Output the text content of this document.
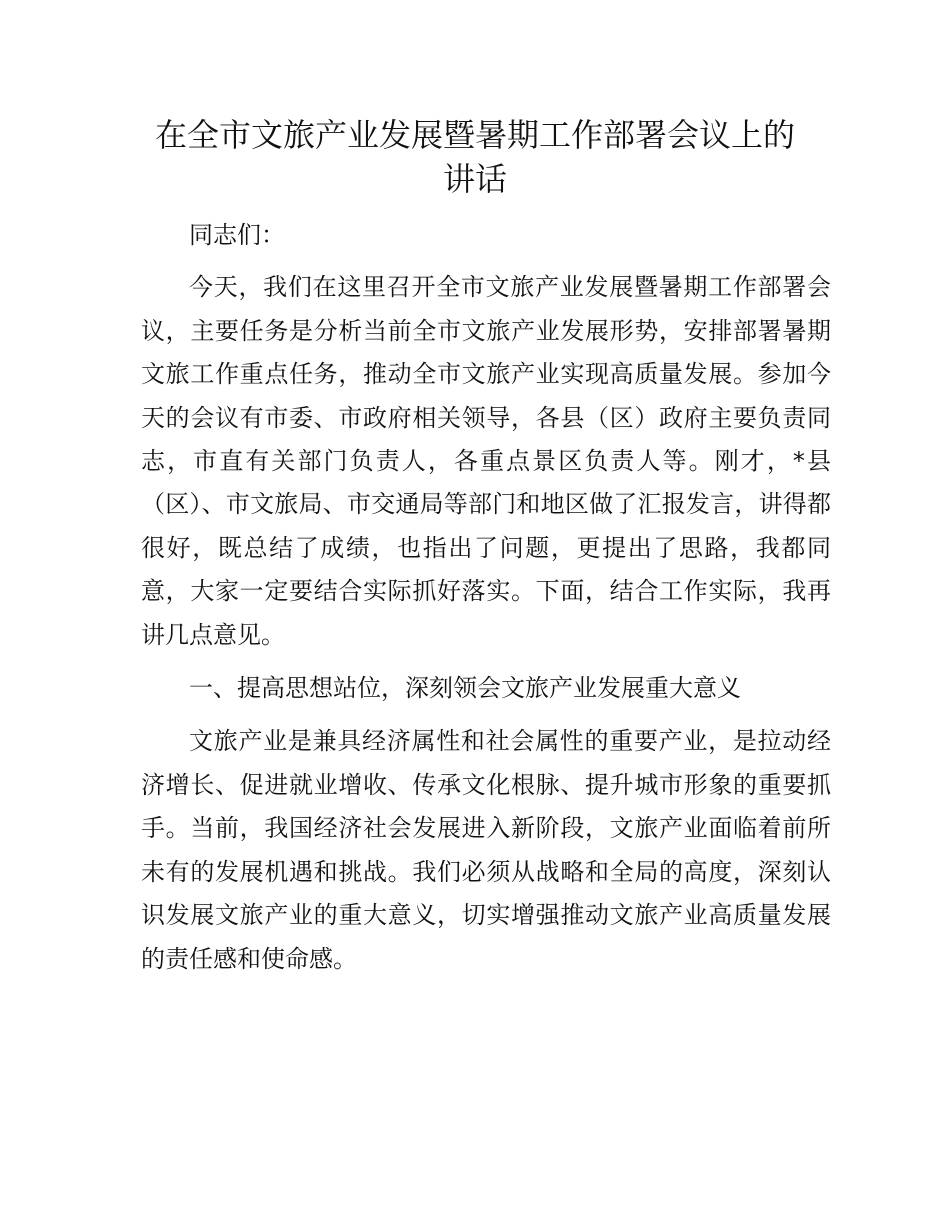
在全市文旅产业发展暨暑期工作部署会议上的讲话

同志们：

今天，我们在这里召开全市文旅产业发展暨暑期工作部署会议，主要任务是分析当前全市文旅产业发展形势，安排部署暑期文旅工作重点任务，推动全市文旅产业实现高质量发展。参加今天的会议有市委、市政府相关领导，各县（区）政府主要负责同志，市直有关部门负责人，各重点景区负责人等。刚才，*县（区）、市文旅局、市交通局等部门和地区做了汇报发言，讲得都很好，既总结了成绩，也指出了问题，更提出了思路，我都同意，大家一定要结合实际抓好落实。下面，结合工作实际，我再讲几点意见。

一、提高思想站位，深刻领会文旅产业发展重大意义

文旅产业是兼具经济属性和社会属性的重要产业，是拉动经济增长、促进就业增收、传承文化根脉、提升城市形象的重要抓手。当前，我国经济社会发展进入新阶段，文旅产业面临着前所未有的发展机遇和挑战。我们必须从战略和全局的高度，深刻认识发展文旅产业的重大意义，切实增强推动文旅产业高质量发展的责任感和使命感。
